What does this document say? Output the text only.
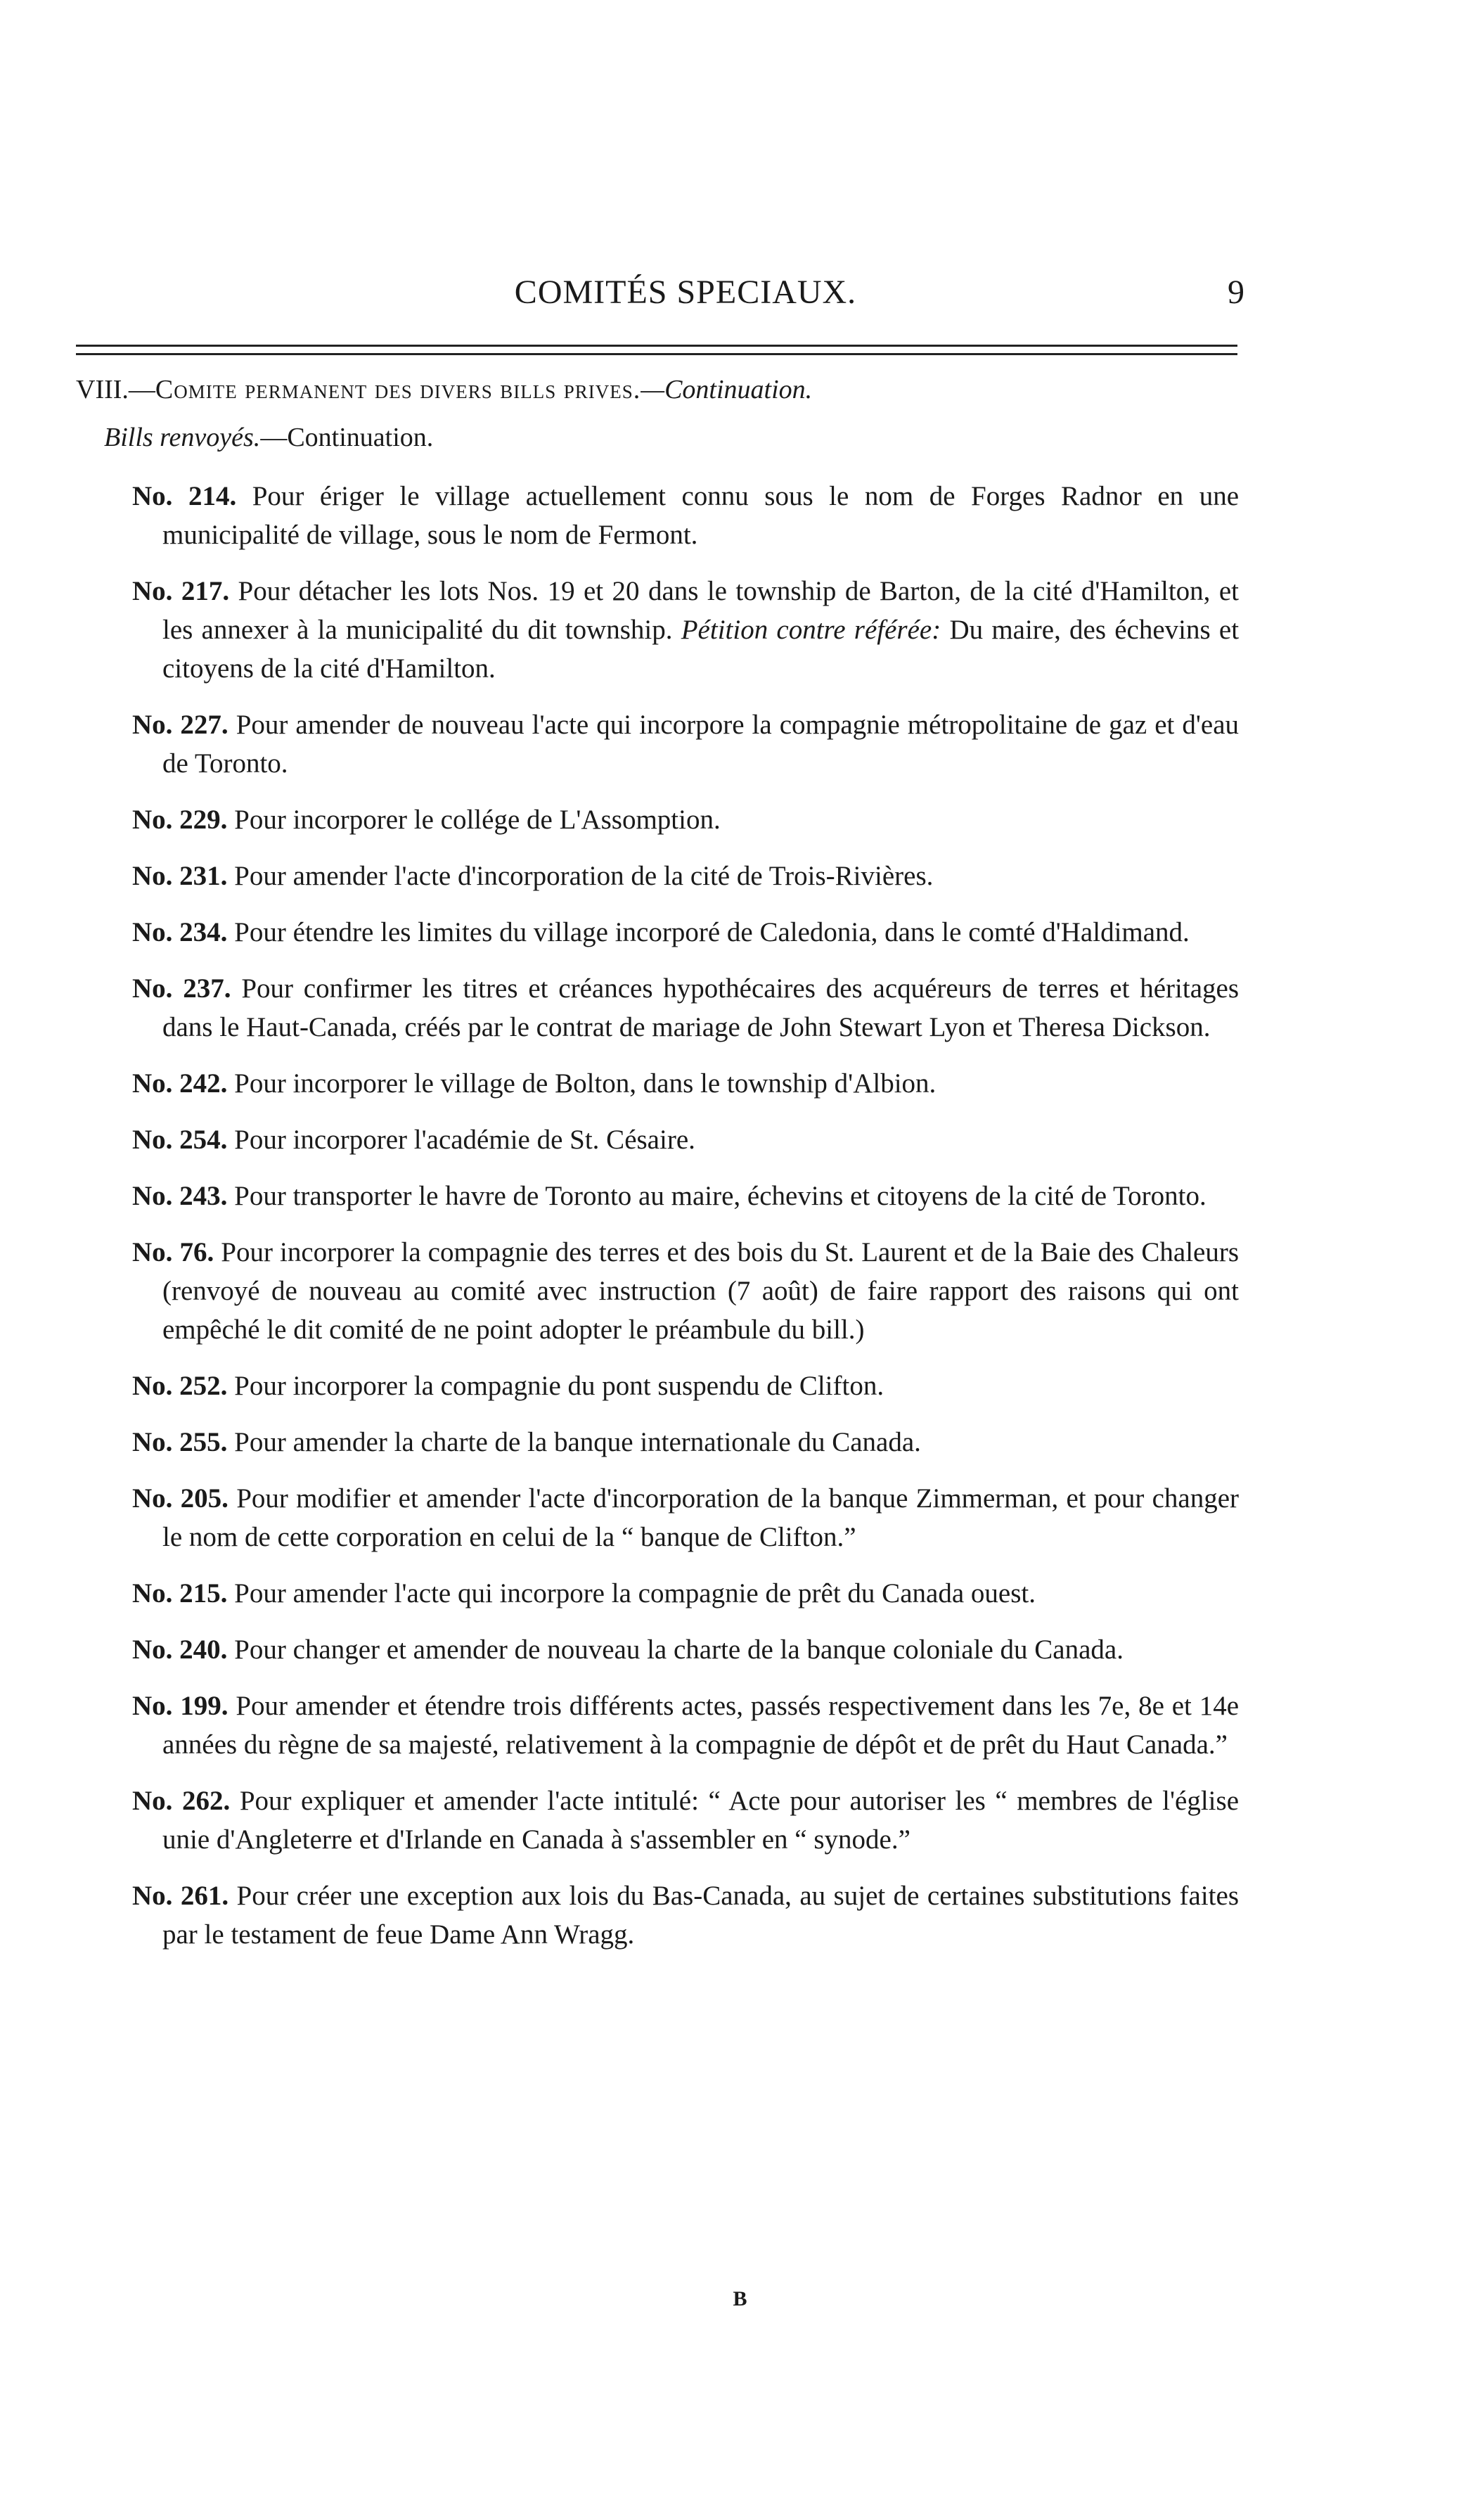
COMITÉS SPECIAUX.	9
VIII.—Comite permanent des divers bills prives.—Continuation.
Bills renvoyés.—Continuation.

No. 214. Pour ériger le village actuellement connu sous le nom de Forges Radnor en une municipalité de village, sous le nom de Fermont.

No. 217. Pour détacher les lots Nos. 19 et 20 dans le township de Barton, de la cité d'Hamilton, et les annexer à la municipalité du dit township. Pétition contre référée: Du maire, des échevins et citoyens de la cité d'Hamilton.

No. 227. Pour amender de nouveau l'acte qui incorpore la compagnie métropolitaine de gaz et d'eau de Toronto.

No. 229. Pour incorporer le collége de L'Assomption.

No. 231. Pour amender l'acte d'incorporation de la cité de Trois-Rivières.

No. 234. Pour étendre les limites du village incorporé de Caledonia, dans le comté d'Haldimand.

No. 237. Pour confirmer les titres et créances hypothécaires des acquéreurs de terres et héritages dans le Haut-Canada, créés par le contrat de mariage de John Stewart Lyon et Theresa Dickson.

No. 242. Pour incorporer le village de Bolton, dans le township d'Albion.

No. 254. Pour incorporer l'académie de St. Césaire.

No. 243. Pour transporter le havre de Toronto au maire, échevins et citoyens de la cité de Toronto.

No. 76. Pour incorporer la compagnie des terres et des bois du St. Laurent et de la Baie des Chaleurs (renvoyé de nouveau au comité avec instruction (7 août) de faire rapport des raisons qui ont empêché le dit comité de ne point adopter le préambule du bill.)

No. 252. Pour incorporer la compagnie du pont suspendu de Clifton.

No. 255. Pour amender la charte de la banque internationale du Canada.

No. 205. Pour modifier et amender l'acte d'incorporation de la banque Zimmerman, et pour changer le nom de cette corporation en celui de la “ banque de Clifton.”

No. 215. Pour amender l'acte qui incorpore la compagnie de prêt du Canada ouest.

No. 240. Pour changer et amender de nouveau la charte de la banque coloniale du Canada.

No. 199. Pour amender et étendre trois différents actes, passés respectivement dans les 7e, 8e et 14e années du règne de sa majesté, relativement à la compagnie de dépôt et de prêt du Haut Canada.”

No. 262. Pour expliquer et amender l'acte intitulé: “ Acte pour autoriser les “ membres de l'église unie d'Angleterre et d'Irlande en Canada à s'assembler en “ synode.”

No. 261. Pour créer une exception aux lois du Bas-Canada, au sujet de certaines substitutions faites par le testament de feue Dame Ann Wragg.

B
